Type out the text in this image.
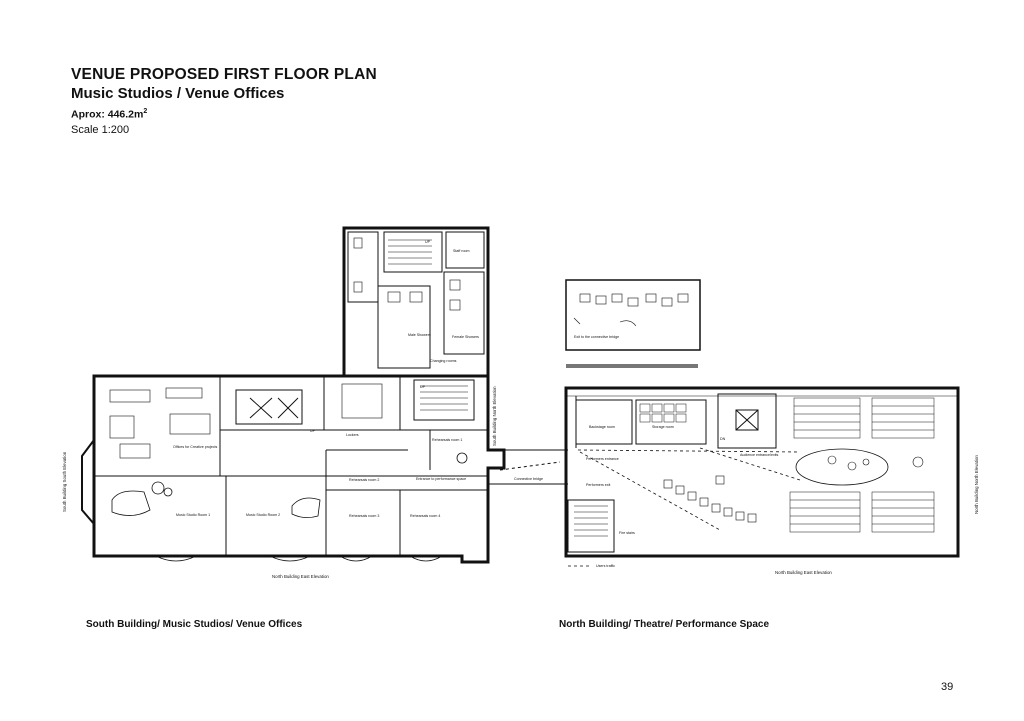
VENUE PROPOSED FIRST FLOOR PLAN
Music Studios / Venue Offices
Aprox: $446.2m^2$
Scale 1:200
Staff room
Male Showers	Female Showers
Changing rooms
Offices for Creative projects
Rehearsals room 1
Rehearsals room 2
Rehearsals room 3	Rehearsals room 4
Music Studio Room 1	Music Studio Room 2
Entrance to performance space	Connective bridge
Lockers
UP
UP
UP
Exit to the connective bridge
Backstage room	Storage room
Performers entrance
Performers exit
Audience entrance/exits
Fire stairs
DN
Users traffic
North Building East Elevation
North Building East Elevation
South Building South Elevation
South Building North Elevation
North Building North Elevation
South Building/ Music Studios/ Venue Offices	North Building/ Theatre/ Performance Space
39
